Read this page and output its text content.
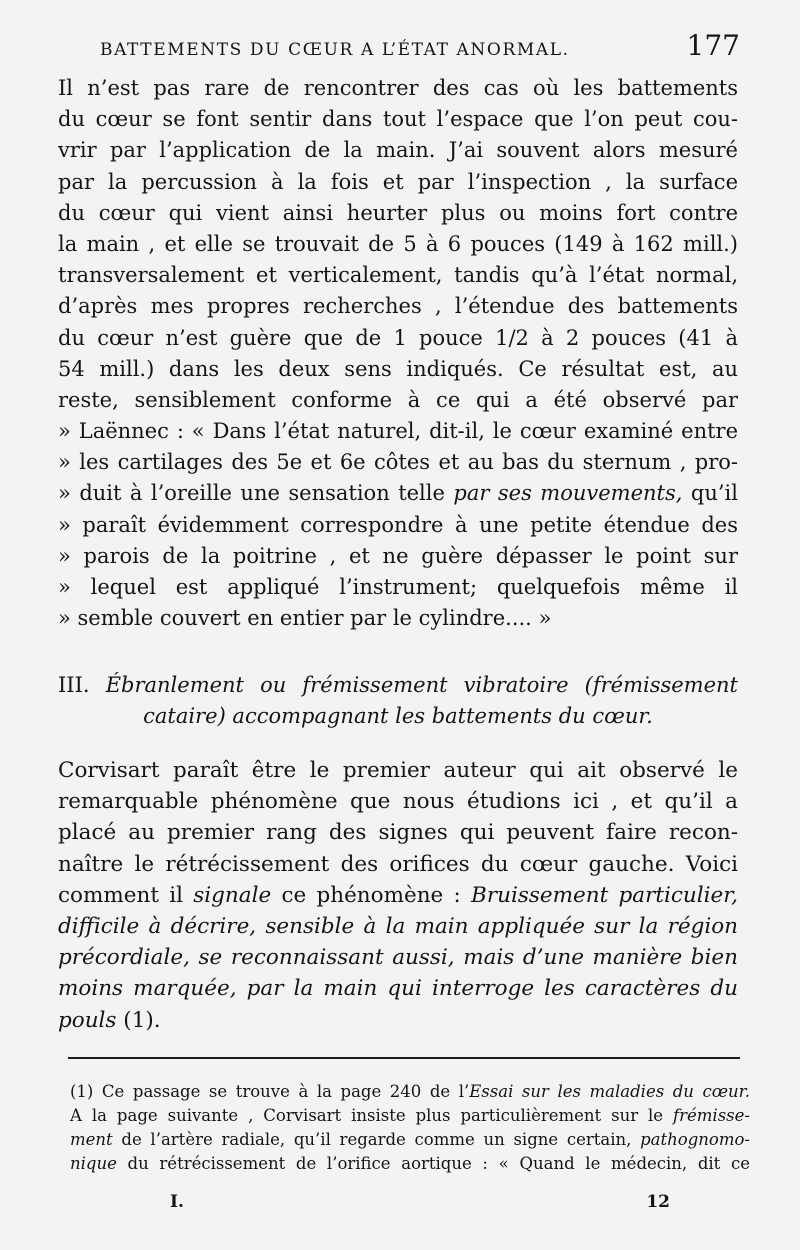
BATTEMENTS DU CŒUR A L’ÉTAT ANORMAL.	177
Il n’est pas rare de rencontrer des cas où les battements
du cœur se font sentir dans tout l’espace que l’on peut cou-
vrir par l’application de la main. J’ai souvent alors mesuré
par la percussion à la fois et par l’inspection , la surface
du cœur qui vient ainsi heurter plus ou moins fort contre
la main , et elle se trouvait de 5 à 6 pouces (149 à 162 mill.)
transversalement et verticalement, tandis qu’à l’état normal,
d’après mes propres recherches , l’étendue des battements
du cœur n’est guère que de 1 pouce 1/2 à 2 pouces (41 à
54 mill.) dans les deux sens indiqués. Ce résultat est, au
reste, sensiblement conforme à ce qui a été observé par
» Laënnec : « Dans l’état naturel, dit-il, le cœur examiné entre
» les cartilages des 5e et 6e côtes et au bas du sternum , pro-
» duit à l’oreille une sensation telle par ses mouvements, qu’il
» paraît évidemment correspondre à une petite étendue des
» parois de la poitrine , et ne guère dépasser le point sur
» lequel est appliqué l’instrument; quelquefois même il
» semble couvert en entier par le cylindre.... »
III. Ébranlement ou frémissement vibratoire (frémissement
cataire) accompagnant les battements du cœur.
Corvisart paraît être le premier auteur qui ait observé le
remarquable phénomène que nous étudions ici , et qu’il a
placé au premier rang des signes qui peuvent faire recon-
naître le rétrécissement des orifices du cœur gauche. Voici
comment il signale ce phénomène : Bruissement particulier,
difficile à décrire, sensible à la main appliquée sur la région
précordiale, se reconnaissant aussi, mais d’une manière bien
moins marquée, par la main qui interroge les caractères du
pouls (1).
(1) Ce passage se trouve à la page 240 de l’Essai sur les maladies du cœur.
A la page suivante , Corvisart insiste plus particulièrement sur le frémisse-
ment de l’artère radiale, qu’il regarde comme un signe certain, pathognomo-
nique du rétrécissement de l’orifice aortique : « Quand le médecin, dit ce
I.	12
